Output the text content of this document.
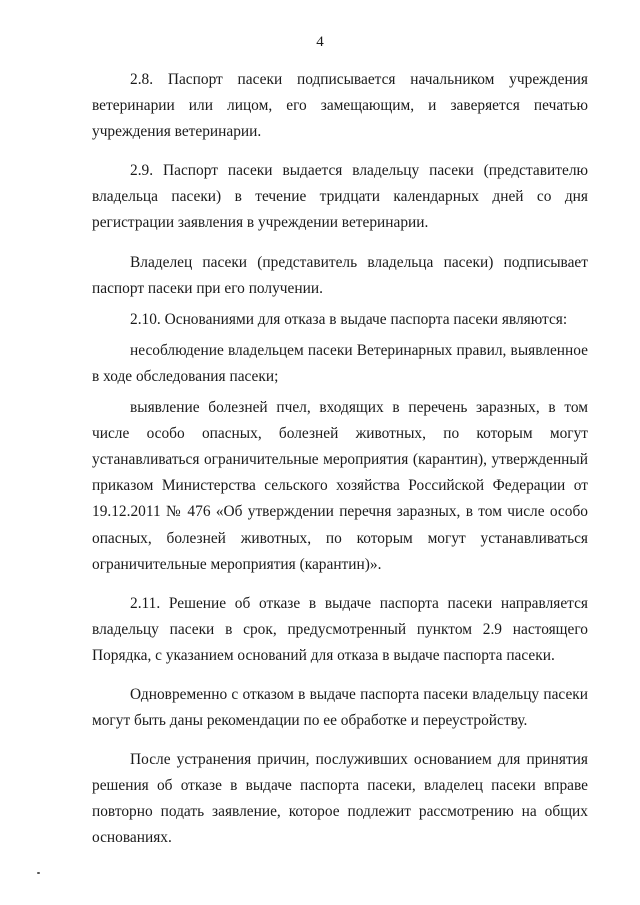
4

2.8. Паспорт пасеки подписывается начальником учреждения ветеринарии или лицом, его замещающим, и заверяется печатью учреждения ветеринарии.

2.9. Паспорт пасеки выдается владельцу пасеки (представителю владельца пасеки) в течение тридцати календарных дней со дня регистрации заявления в учреждении ветеринарии.

Владелец пасеки (представитель владельца пасеки) подписывает паспорт пасеки при его получении.

2.10. Основаниями для отказа в выдаче паспорта пасеки являются:

несоблюдение владельцем пасеки Ветеринарных правил, выявленное в ходе обследования пасеки;

выявление болезней пчел, входящих в перечень заразных, в том числе особо опасных, болезней животных, по которым могут устанавливаться ограничительные мероприятия (карантин), утвержденный приказом Министерства сельского хозяйства Российской Федерации от 19.12.2011 № 476 «Об утверждении перечня заразных, в том числе особо опасных, болезней животных, по которым могут устанавливаться ограничительные мероприятия (карантин)».

2.11. Решение об отказе в выдаче паспорта пасеки направляется владельцу пасеки в срок, предусмотренный пунктом 2.9 настоящего Порядка, с указанием оснований для отказа в выдаче паспорта пасеки.

Одновременно с отказом в выдаче паспорта пасеки владельцу пасеки могут быть даны рекомендации по ее обработке и переустройству.

После устранения причин, послуживших основанием для принятия решения об отказе в выдаче паспорта пасеки, владелец пасеки вправе повторно подать заявление, которое подлежит рассмотрению на общих основаниях.
